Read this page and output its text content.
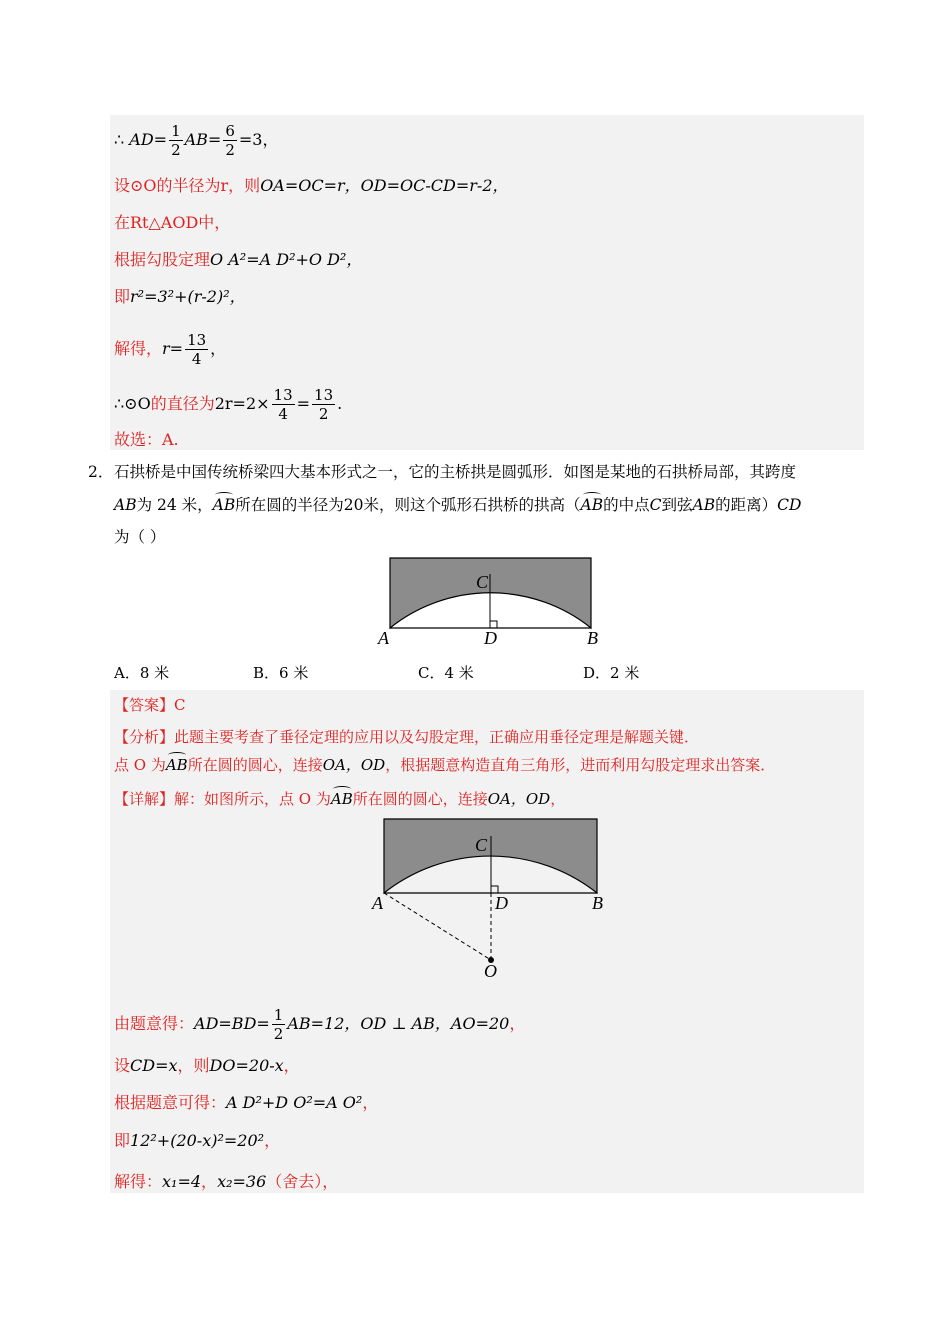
∴ $AD= \frac{1}{2} AB= \frac{6}{2} =3$，
设⊙O的半径为r，则OA=OC=r，OD=OC-CD=r-2，
在Rt△AOD中，
根据勾股定理O A²=A D²+O D²，
即r²=3²+(r-2)²，
解得，$r= \frac{13}{4}$ ，
∴⊙O的直径为$2r=2\times \frac{13}{4} = \frac{13}{2}$ .
故选：A.
2． 石拱桥是中国传统桥梁四大基本形式之一，它的主桥拱是圆弧形．如图是某地的石拱桥局部，其跨度
AB为 24 米，AB所在圆的半径为20米，则这个弧形石拱桥的拱高（AB的中点C到弦AB的距离）CD
为（ ）
A	B
C
D
A．8 米	B．6 米	C．4 米	D．2 米
【答案】C
【分析】此题主要考查了垂径定理的应用以及勾股定理，正确应用垂径定理是解题关键．
点 O 为AB所在圆的圆心，连接OA，OD，根据题意构造直角三角形，进而利用勾股定理求出答案．
【详解】解：如图所示，点 O 为AB所在圆的圆心，连接OA，OD，
A	B
C
D
O
由题意得：$AD=BD= \frac{1}{2} AB=12$，OD ⊥ AB，AO=20，
设CD=x，则DO=20-x，
根据题意可得：A D²+D O²=A O²，
即12²+(20-x)²=20²，
解得：x₁=4，x₂=36（舍去），
